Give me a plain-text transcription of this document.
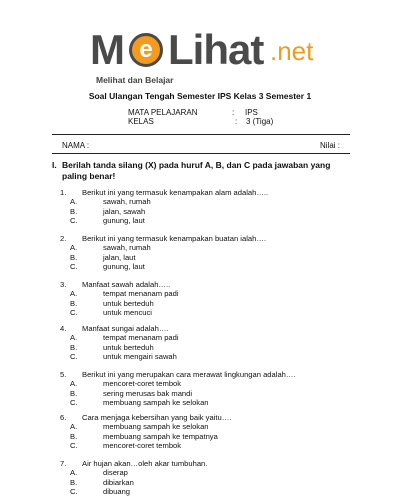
M e Lihat .net
Melihat dan Belajar
Soal Ulangan Tengah Semester IPS Kelas 3 Semester 1
MATA PELAJARAN	: IPS
KELAS	: 3 (Tiga)
NAMA :	Nilai :
I. Berilah tanda silang (X) pada huruf A, B, dan C pada jawaban yang
paling benar!
1. Berikut ini yang termasuk kenampakan alam adalah…..
A.	sawah, rumah
B.	jalan, sawah
C.	gunung, laut
2. Berikut ini yang termasuk kenampakan buatan ialah….
A.	sawah, rumah
B.	jalan, laut
C.	gunung, laut
3. Manfaat sawah adalah…..
A.	tempat menanam padi
B.	untuk berteduh
C.	untuk mencuci
4. Manfaat sungai adalah….
A.	tempat menanam padi
B.	untuk berteduh
C.	untuk mengairi sawah
5. Berikut ini yang merupakan cara merawat lingkungan adalah….
A.	mencoret-coret tembok
B.	sering merusas bak mandi
C.	membuang sampah ke selokan
6. Cara menjaga kebersihan yang baik yaitu….
A.	membuang sampah ke selokan
B.	membuang sampah ke tempatnya
C.	mencoret-coret tembok
7. Air hujan akan…oleh akar tumbuhan.
A.	diserap
B.	dibiarkan
C.	dibuang
